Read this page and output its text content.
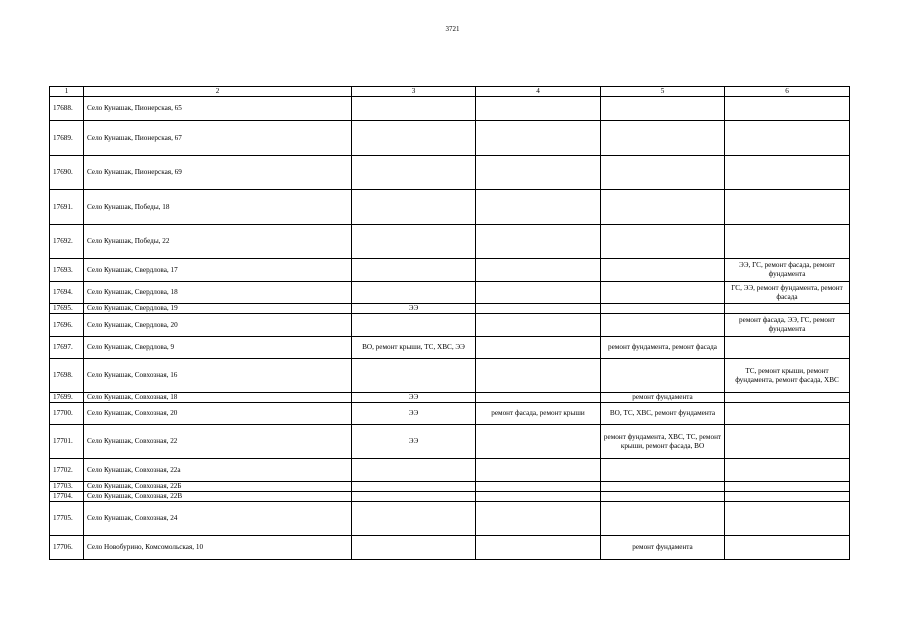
3721
1	2	3	4	5	6
17688.	Село Кунашак, Пионерская, 65				
17689.	Село Кунашак, Пионерская, 67				
17690.	Село Кунашак, Пионерская, 69				
17691.	Село Кунашак, Победы, 18				
17692.	Село Кунашак, Победы, 22				
17693.	Село Кунашак, Свердлова, 17				ЭЭ, ГС, ремонт фасада, ремонт фундамента
17694.	Село Кунашак, Свердлова, 18				ГС, ЭЭ, ремонт фундамента, ремонт фасада
17695.	Село Кунашак, Свердлова, 19	ЭЭ			
17696.	Село Кунашак, Свердлова, 20				ремонт фасада, ЭЭ, ГС, ремонт фундамента
17697.	Село Кунашак, Свердлова, 9	ВО, ремонт крыши, ТС, ХВС, ЭЭ		ремонт фундамента, ремонт фасада	
17698.	Село Кунашак, Совхозная, 16				ТС, ремонт крыши, ремонт фундамента, ремонт фасада, ХВС
17699.	Село Кунашак, Совхозная, 18	ЭЭ		ремонт фундамента	
17700.	Село Кунашак, Совхозная, 20	ЭЭ	ремонт фасада, ремонт крыши	ВО, ТС, ХВС, ремонт фундамента	
17701.	Село Кунашак, Совхозная, 22	ЭЭ		ремонт фундамента, ХВС, ТС, ремонт крыши, ремонт фасада, ВО	
17702.	Село Кунашак, Совхозная, 22а				
17703.	Село Кунашак, Совхозная, 22Б				
17704.	Село Кунашак, Совхозная, 22В				
17705.	Село Кунашак, Совхозная, 24				
17706.	Село Новобурино, Комсомольская, 10			ремонт фундамента	
